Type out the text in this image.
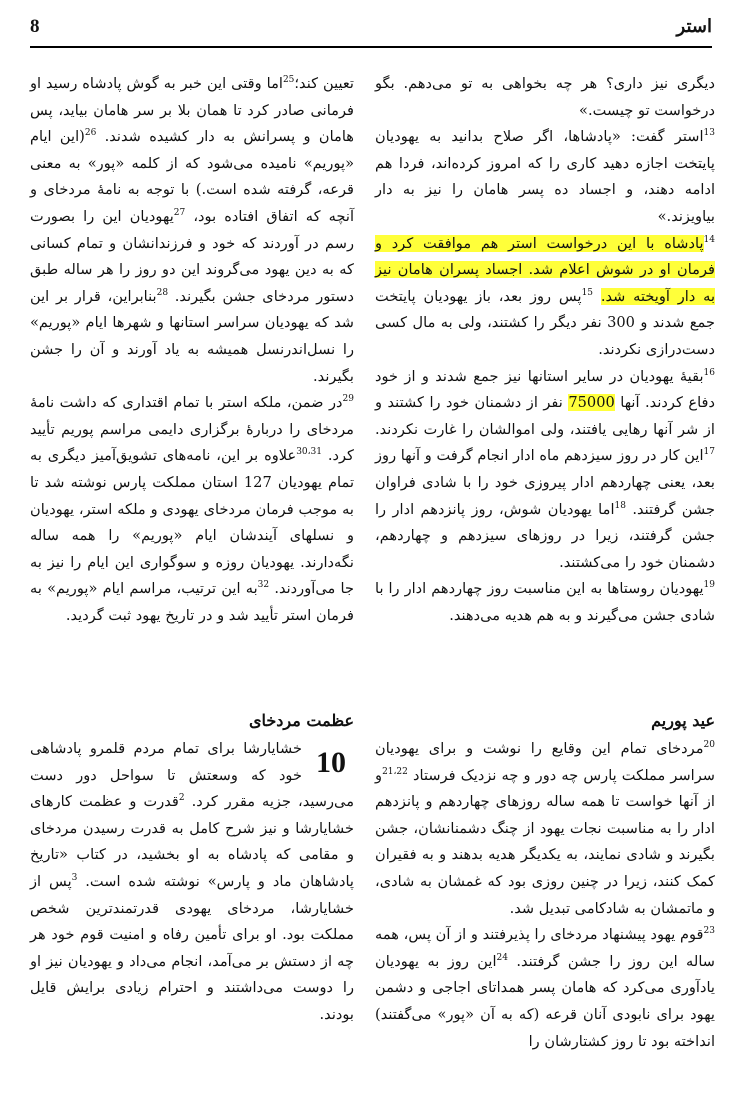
8	استر

دیگری نیز داری؟ هر چه بخواهی به تو می‌دهم. بگو درخواست تو چیست.»

$^{13}$استر گفت: «پادشاها، اگر صلاح بدانید به یهودیان پایتخت اجازه دهید کاری را که امروز کرده‌اند، فردا هم ادامه دهند، و اجساد ده پسر هامان را نیز به دار بیاویزند.»

$^{14}$پادشاه با این درخواست استر هم موافقت کرد و فرمان او در شوش اعلام شد. اجساد پسران هامان نیز به دار آویخته شد. $^{15}$پس روز بعد، باز یهودیان پایتخت جمع شدند و 300 نفر دیگر را کشتند، ولی به مال کسی دست‌درازی نکردند.

$^{16}$بقیهٔ یهودیان در سایر استانها نیز جمع شدند و از خود دفاع کردند. آنها 75000 نفر از دشمنان خود را کشتند و از شر آنها رهایی یافتند، ولی اموالشان را غارت نکردند. $^{17}$این کار در روز سیزدهم ماه ادار انجام گرفت و آنها روز بعد، یعنی چهاردهم ادار پیروزی خود را با شادی فراوان جشن گرفتند. $^{18}$اما یهودیان شوش، روز پانزدهم ادار را جشن گرفتند، زیرا در روزهای سیزدهم و چهاردهم، دشمنان خود را می‌کشتند.

$^{19}$یهودیان روستاها به این مناسبت روز چهاردهم ادار را با شادی جشن می‌گیرند و به هم هدیه می‌دهند.

عید پوریم

$^{20}$مردخای تمام این وقایع را نوشت و برای یهودیان سراسر مملکت پارس چه دور و چه نزدیک فرستاد $^{21،22}$و از آنها خواست تا همه ساله روزهای چهاردهم و پانزدهم ادار را به مناسبت نجات یهود از چنگ دشمنانشان، جشن بگیرند و شادی نمایند، به یکدیگر هدیه بدهند و به فقیران کمک کنند، زیرا در چنین روزی بود که غمشان به شادی، و ماتمشان به شادکامی تبدیل شد.

$^{23}$قوم یهود پیشنهاد مردخای را پذیرفتند و از آن پس، همه ساله این روز را جشن گرفتند. $^{24}$این روز به یهودیان یادآوری می‌کرد که هامان پسر همداتای اجاجی و دشمن یهود برای نابودی آنان قرعه (که به آن «پور» می‌گفتند) انداخته بود تا روز کشتارشان را

تعیین کند؛$^{25}$اما وقتی این خبر به گوش پادشاه رسید او فرمانی صادر کرد تا همان بلا بر سر هامان بیاید، پس هامان و پسرانش به دار کشیده شدند. $^{26}$(این ایام «پوریم» نامیده می‌شود که از کلمه «پور» به معنی قرعه، گرفته شده است.) با توجه به نامهٔ مردخای و آنچه که اتفاق افتاده بود، $^{27}$یهودیان این را بصورت رسم در آوردند که خود و فرزندانشان و تمام کسانی که به دین یهود می‌گروند این دو روز را هر ساله طبق دستور مردخای جشن بگیرند. $^{28}$بنابراین، قرار بر این شد که یهودیان سراسر استانها و شهرها ایام «پوریم» را نسل‌اندرنسل همیشه به یاد آورند و آن را جشن بگیرند.

$^{29}$در ضمن، ملکه استر با تمام اقتداری که داشت نامهٔ مردخای را دربارهٔ برگزاری دایمی مراسم پوریم تأیید کرد. $^{30،31}$علاوه بر این، نامه‌های تشویق‌آمیز دیگری به تمام یهودیان 127 استان مملکت پارس نوشته شد تا به موجب فرمان مردخای یهودی و ملکه استر، یهودیان و نسلهای آیندشان ایام «پوریم» را همه ساله نگه‌دارند. یهودیان روزه و سوگواری این ایام را نیز به جا می‌آوردند. $^{32}$به این ترتیب، مراسم ایام «پوریم» به فرمان استر تأیید شد و در تاریخ یهود ثبت گردید.

عظمت مردخای

10
خشایارشا برای تمام مردم قلمرو پادشاهی خود که وسعتش تا سواحل دور دست می‌رسید، جزیه مقرر کرد. $^2$قدرت و عظمت کارهای خشایارشا و نیز شرح کامل به قدرت رسیدن مردخای و مقامی که پادشاه به او بخشید، در کتاب «تاریخ پادشاهان ماد و پارس» نوشته شده است. $^3$پس از خشایارشا، مردخای یهودی قدرتمندترین شخص مملکت بود. او برای تأمین رفاه و امنیت قوم خود هر چه از دستش بر می‌آمد، انجام می‌داد و یهودیان نیز او را دوست می‌داشتند و احترام زیادی برایش قایل بودند.
